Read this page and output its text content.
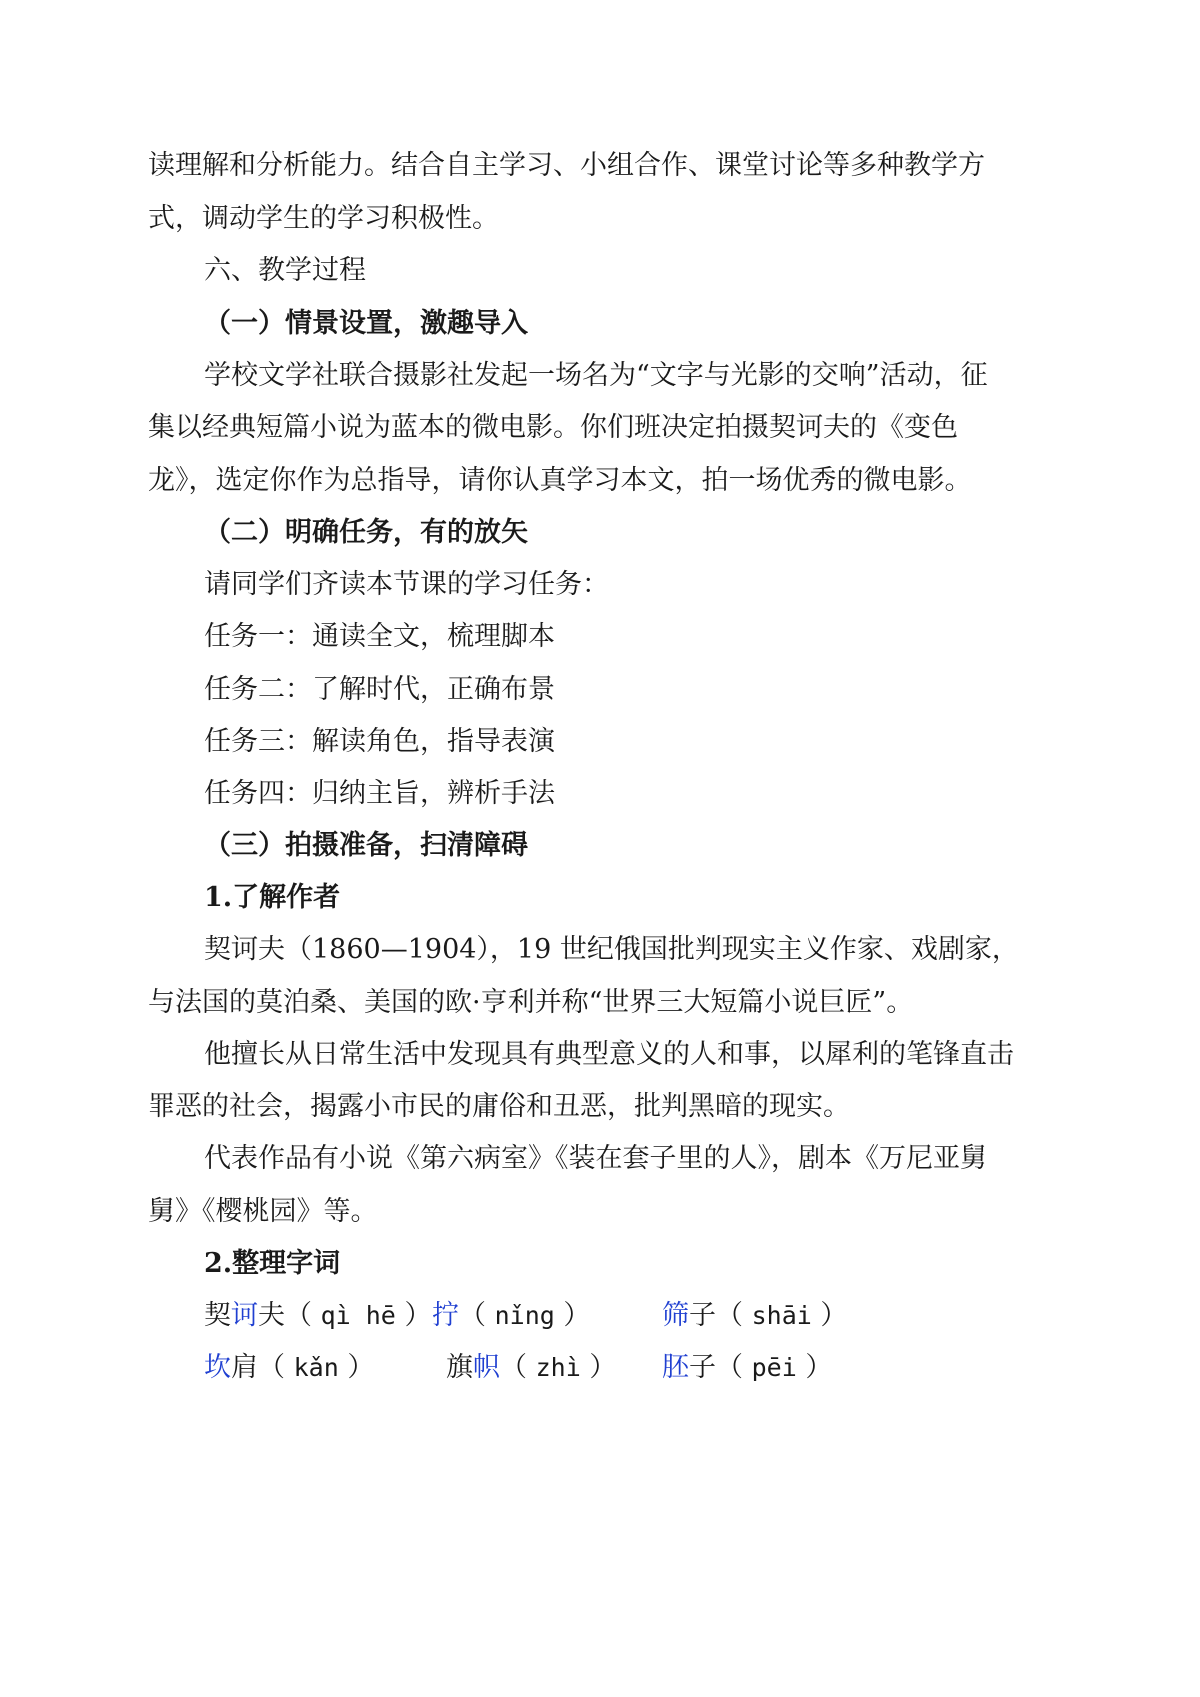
读理解和分析能力。结合自主学习、小组合作、课堂讨论等多种教学方

式，调动学生的学习积极性。

六、教学过程

（一）情景设置，激趣导入

学校文学社联合摄影社发起一场名为“文字与光影的交响”活动，征

集以经典短篇小说为蓝本的微电影。你们班决定拍摄契诃夫的《变色

龙》，选定你作为总指导，请你认真学习本文，拍一场优秀的微电影。

（二）明确任务，有的放矢

请同学们齐读本节课的学习任务：

任务一：通读全文，梳理脚本

任务二：了解时代，正确布景

任务三：解读角色，指导表演

任务四：归纳主旨，辨析手法

（三）拍摄准备，扫清障碍

1.了解作者

契诃夫（1860—1904），19 世纪俄国批判现实主义作家、戏剧家，

与法国的莫泊桑、美国的欧·亨利并称“世界三大短篇小说巨匠”。

他擅长从日常生活中发现具有典型意义的人和事，以犀利的笔锋直击

罪恶的社会，揭露小市民的庸俗和丑恶，批判黑暗的现实。

代表作品有小说《第六病室》《装在套子里的人》，剧本《万尼亚舅

舅》《樱桃园》等。

2.整理字词

契诃夫（ qì hē ） 拧（ nǐng ）	筛子（ shāi ）
坎肩（ kǎn ）	旗帜（ zhì ） 胚子（ pēi ）
